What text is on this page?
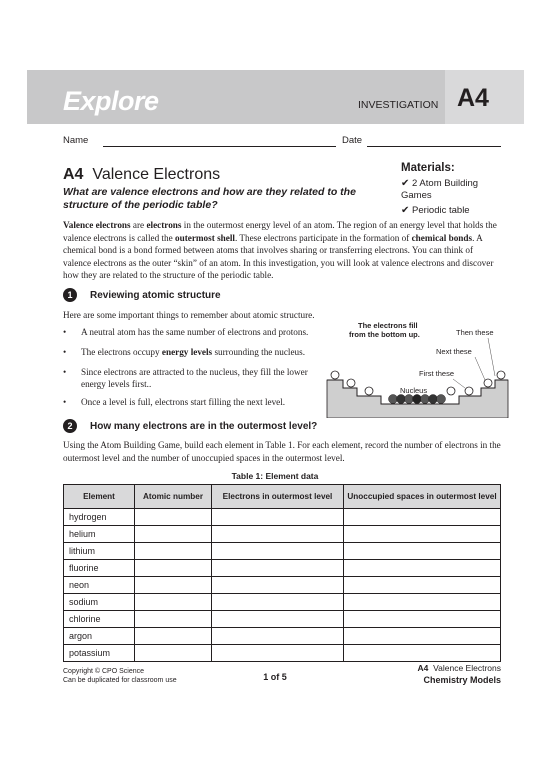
Explore	INVESTIGATION A4
Name	Date
A4 Valence Electrons
What are valence electrons and how are they related to the structure of the periodic table?
Materials:
✔ 2 Atom Building Games
✔ Periodic table
Valence electrons are electrons in the outermost energy level of an atom. The region of an energy level that holds the valence electrons is called the outermost shell. These electrons participate in the formation of chemical bonds. A chemical bond is a bond formed between atoms that involves sharing or transferring electrons. You can think of valence electrons as the outer “skin” of an atom. In this investigation, you will look at valence electrons and discover how they are related to the structure of the periodic table.
1	Reviewing atomic structure
Here are some important things to remember about atomic structure.
• A neutral atom has the same number of electrons and protons.
• The electrons occupy energy levels surrounding the nucleus.
• Since electrons are attracted to the nucleus, they fill the lower energy levels first..
• Once a level is full, electrons start filling the next level.
The electrons fill from the bottom up.	Then these
Next these
First these
Nucleus
2	How many electrons are in the outermost level?
Using the Atom Building Game, build each element in Table 1. For each element, record the number of electrons in the outermost level and the number of unoccupied spaces in the outermost level.
Table 1: Element data
Element	Atomic number	Electrons in outermost level	Unoccupied spaces in outermost level
hydrogen			
helium			
lithium			
fluorine			
neon			
sodium			
chlorine			
argon			
potassium			
Copyright © CPO Science
Can be duplicated for classroom use	1 of 5
A4 Valence Electrons
Chemistry Models
